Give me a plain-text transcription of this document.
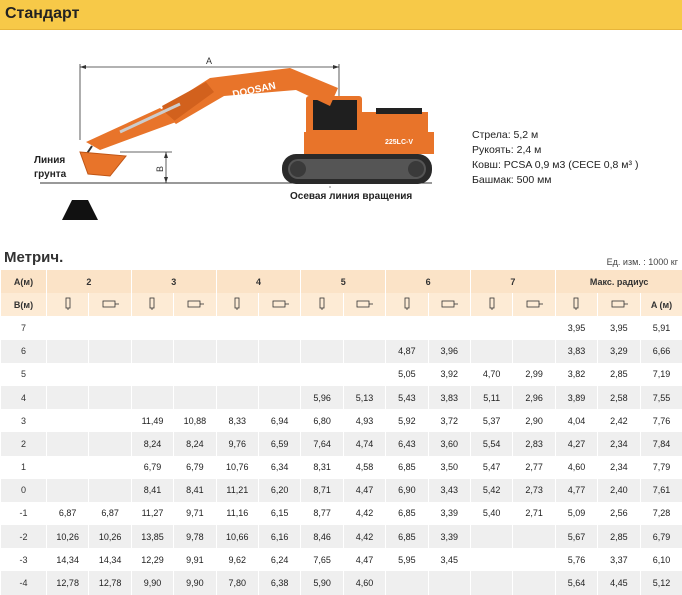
Стандарт
A
B
225LC-V
DOOSAN
Линия
грунта
Осевая линия вращения
Стрела: 5,2 м
Рукоять: 2,4 м
Ковш: PCSA 0,9 м3 (CECE 0,8 м³ )
Башмак: 500 мм
Метрич.	Ед. изм. : 1000 кг
A(м)	2		3		4		5		6		7		Макс. радиус		
B(м)															A (м)
7													3,95	3,95	5,91
6									4,87	3,96			3,83	3,29	6,66
5									5,05	3,92	4,70	2,99	3,82	2,85	7,19
4							5,96	5,13	5,43	3,83	5,11	2,96	3,89	2,58	7,55
3			11,49	10,88	8,33	6,94	6,80	4,93	5,92	3,72	5,37	2,90	4,04	2,42	7,76
2			8,24	8,24	9,76	6,59	7,64	4,74	6,43	3,60	5,54	2,83	4,27	2,34	7,84
1			6,79	6,79	10,76	6,34	8,31	4,58	6,85	3,50	5,47	2,77	4,60	2,34	7,79
0			8,41	8,41	11,21	6,20	8,71	4,47	6,90	3,43	5,42	2,73	4,77	2,40	7,61
-1	6,87	6,87	11,27	9,71	11,16	6,15	8,77	4,42	6,85	3,39	5,40	2,71	5,09	2,56	7,28
-2	10,26	10,26	13,85	9,78	10,66	6,16	8,46	4,42	6,85	3,39			5,67	2,85	6,79
-3	14,34	14,34	12,29	9,91	9,62	6,24	7,65	4,47	5,95	3,45			5,76	3,37	6,10
-4	12,78	12,78	9,90	9,90	7,80	6,38	5,90	4,60					5,64	4,45	5,12
